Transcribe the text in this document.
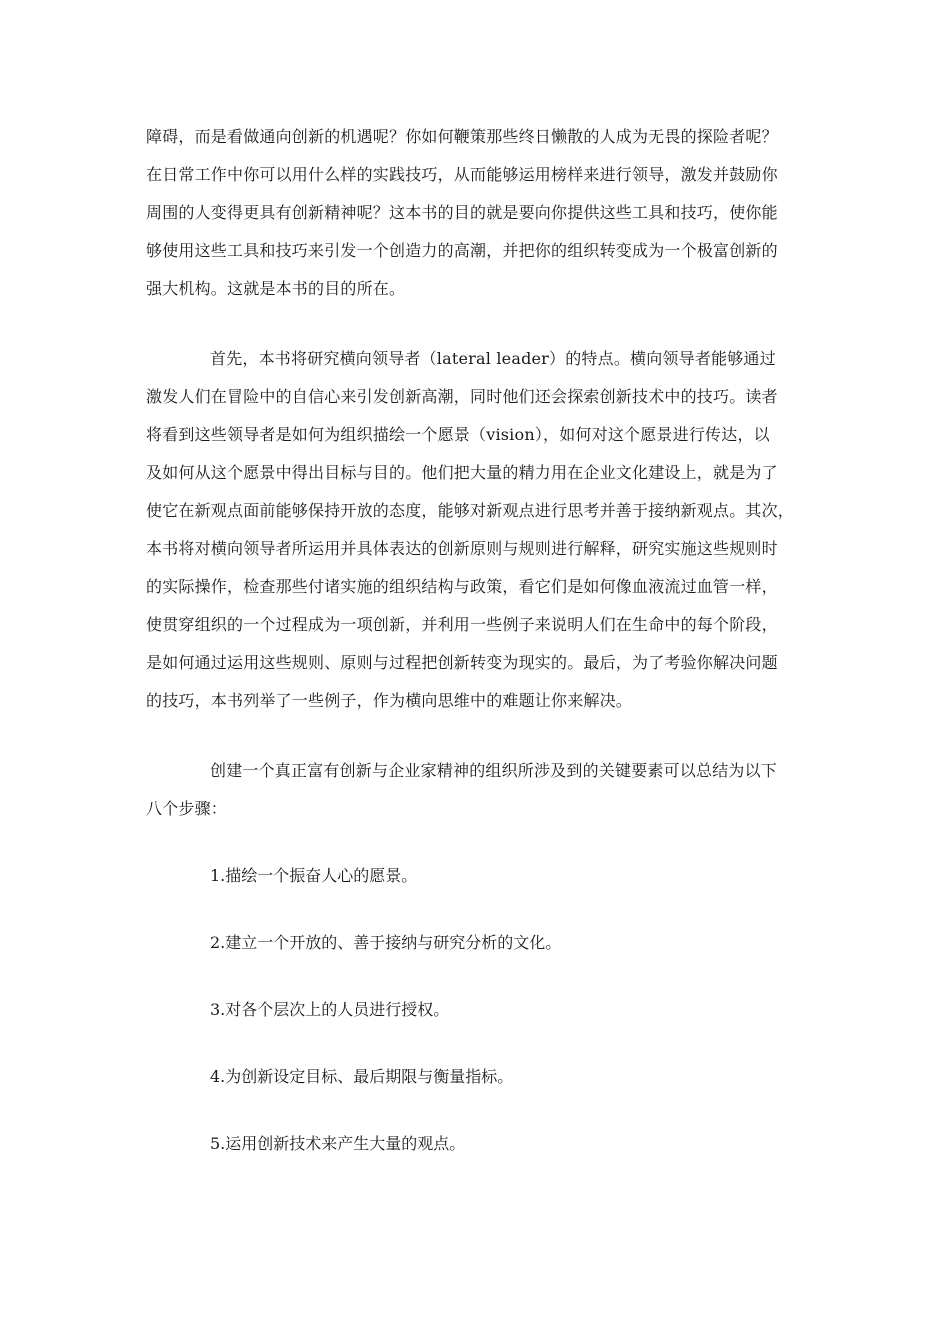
障碍，而是看做通向创新的机遇呢？你如何鞭策那些终日懒散的人成为无畏的探险者呢？
在日常工作中你可以用什么样的实践技巧，从而能够运用榜样来进行领导，激发并鼓励你
周围的人变得更具有创新精神呢？这本书的目的就是要向你提供这些工具和技巧，使你能
够使用这些工具和技巧来引发一个创造力的高潮，并把你的组织转变成为一个极富创新的
强大机构。这就是本书的目的所在。

首先，本书将研究横向领导者（lateral leader）的特点。横向领导者能够通过
激发人们在冒险中的自信心来引发创新高潮，同时他们还会探索创新技术中的技巧。读者
将看到这些领导者是如何为组织描绘一个愿景（vision），如何对这个愿景进行传达，以
及如何从这个愿景中得出目标与目的。他们把大量的精力用在企业文化建设上，就是为了
使它在新观点面前能够保持开放的态度，能够对新观点进行思考并善于接纳新观点。其次，
本书将对横向领导者所运用并具体表达的创新原则与规则进行解释，研究实施这些规则时
的实际操作，检查那些付诸实施的组织结构与政策，看它们是如何像血液流过血管一样，
使贯穿组织的一个过程成为一项创新，并利用一些例子来说明人们在生命中的每个阶段，
是如何通过运用这些规则、原则与过程把创新转变为现实的。最后，为了考验你解决问题
的技巧，本书列举了一些例子，作为横向思维中的难题让你来解决。

创建一个真正富有创新与企业家精神的组织所涉及到的关键要素可以总结为以下
八个步骤：

1.描绘一个振奋人心的愿景。

2.建立一个开放的、善于接纳与研究分析的文化。

3.对各个层次上的人员进行授权。

4.为创新设定目标、最后期限与衡量指标。

5.运用创新技术来产生大量的观点。
